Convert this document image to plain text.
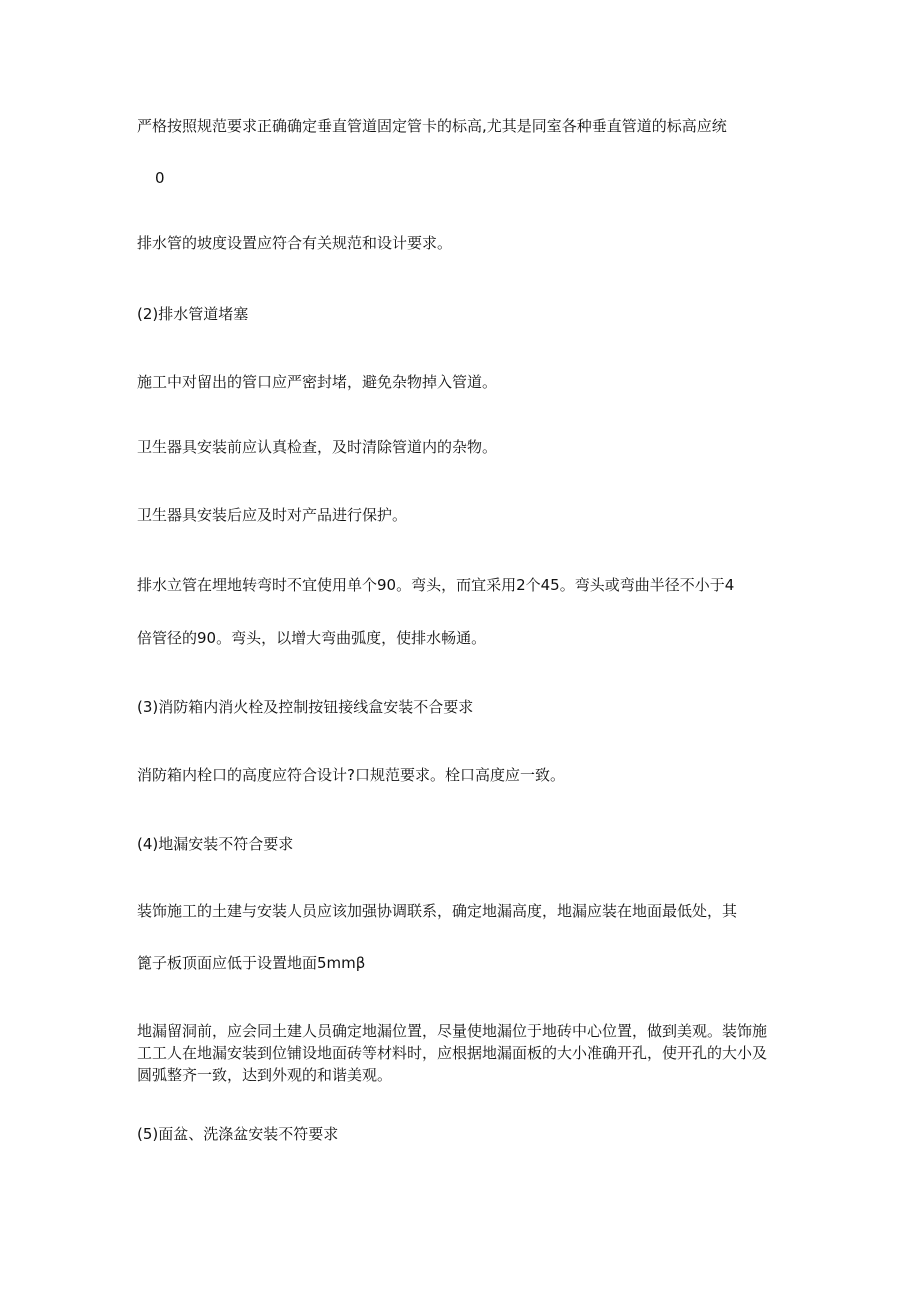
严格按照规范要求正确确定垂直管道固定管卡的标高,尤其是同室各种垂直管道的标高应统
0
排水管的坡度设置应符合有关规范和设计要求。
(2)排水管道堵塞
施工中对留出的管口应严密封堵，避免杂物掉入管道。
卫生器具安装前应认真检查，及时清除管道内的杂物。
卫生器具安装后应及时对产品进行保护。
排水立管在埋地转弯时不宜使用单个90。弯头，而宜采用2个45。弯头或弯曲半径不小于4
倍管径的90。弯头，以增大弯曲弧度，使排水畅通。
(3)消防箱内消火栓及控制按钮接线盒安装不合要求
消防箱内栓口的高度应符合设计?口规范要求。栓口高度应一致。
(4)地漏安装不符合要求
装饰施工的土建与安装人员应该加强协调联系，确定地漏高度，地漏应装在地面最低处，其
篦子板顶面应低于设置地面5mmβ
地漏留洞前，应会同土建人员确定地漏位置，尽量使地漏位于地砖中心位置，做到美观。装饰施工工人在地漏安装到位铺设地面砖等材料时，应根据地漏面板的大小准确开孔，使开孔的大小及圆弧整齐一致，达到外观的和谐美观。
(5)面盆、洗涤盆安装不符要求
